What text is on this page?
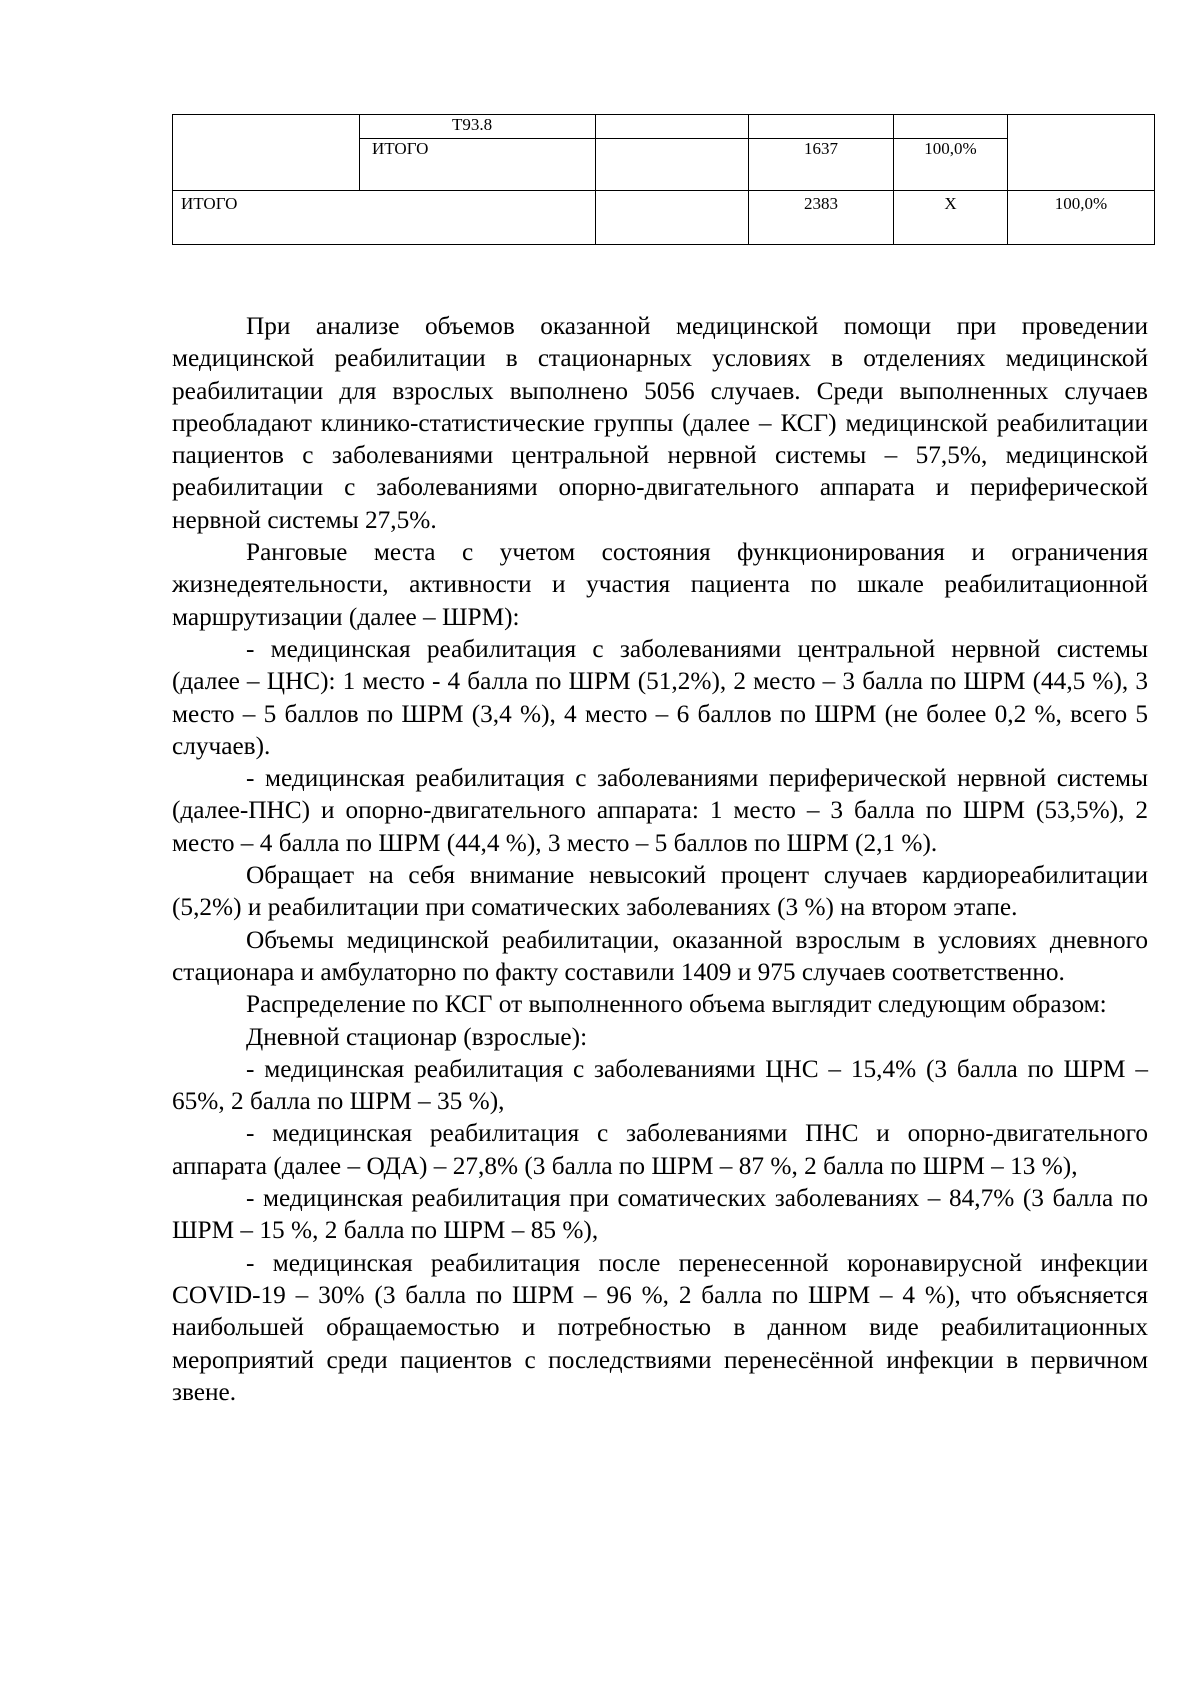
	T93.8				
	ИТОГО		1637	100,0%	
ИТОГО			2383	Х	100,0%

При анализе объемов оказанной медицинской помощи при проведении медицинской реабилитации в стационарных условиях в отделениях медицинской реабилитации для взрослых выполнено 5056 случаев. Среди выполненных случаев преобладают клинико-статистические группы (далее – КСГ) медицинской реабилитации пациентов с заболеваниями центральной нервной системы – 57,5%, медицинской реабилитации с заболеваниями опорно-двигательного аппарата и периферической нервной системы 27,5%.

Ранговые места с учетом состояния функционирования и ограничения жизнедеятельности, активности и участия пациента по шкале реабилитационной маршрутизации (далее – ШРМ):

- медицинская реабилитация с заболеваниями центральной нервной системы (далее – ЦНС): 1 место - 4 балла по ШРМ (51,2%), 2 место – 3 балла по ШРМ (44,5 %), 3 место – 5 баллов по ШРМ (3,4 %), 4 место – 6 баллов по ШРМ (не более 0,2 %, всего 5 случаев).

- медицинская реабилитация с заболеваниями периферической нервной системы (далее-ПНС) и опорно-двигательного аппарата: 1 место – 3 балла по ШРМ (53,5%), 2 место – 4 балла по ШРМ (44,4 %), 3 место – 5 баллов по ШРМ (2,1 %).

Обращает на себя внимание невысокий процент случаев кардиореабилитации (5,2%) и реабилитации при соматических заболеваниях (3 %) на втором этапе.

Объемы медицинской реабилитации, оказанной взрослым в условиях дневного стационара и амбулаторно по факту составили 1409 и 975 случаев соответственно.

Распределение по КСГ от выполненного объема выглядит следующим образом:

Дневной стационар (взрослые):

- медицинская реабилитация с заболеваниями ЦНС – 15,4% (3 балла по ШРМ – 65%, 2 балла по ШРМ – 35 %),

- медицинская реабилитация с заболеваниями ПНС и опорно-двигательного аппарата (далее – ОДА) – 27,8% (3 балла по ШРМ – 87 %, 2 балла по ШРМ – 13 %),

- медицинская реабилитация при соматических заболеваниях – 84,7% (3 балла по ШРМ – 15 %, 2 балла по ШРМ – 85 %),

- медицинская реабилитация после перенесенной коронавирусной инфекции COVID-19 – 30% (3 балла по ШРМ – 96 %, 2 балла по ШРМ – 4 %), что объясняется наибольшей обращаемостью и потребностью в данном виде реабилитационных мероприятий среди пациентов с последствиями перенесённой инфекции в первичном звене.
